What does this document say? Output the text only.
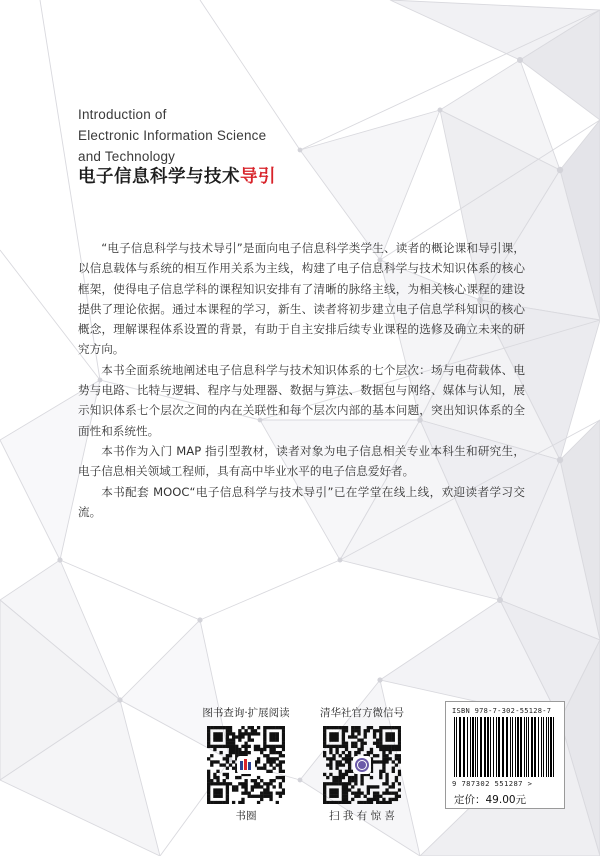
Introduction of
Electronic Information Science
and Technology
电子信息科学与技术导引

“电子信息科学与技术导引”是面向电子信息科学类学生、读者的概论课和导引课，以信息载体与系统的相互作用关系为主线，构建了电子信息科学与技术知识体系的核心框架，使得电子信息学科的课程知识安排有了清晰的脉络主线，为相关核心课程的建设提供了理论依据。通过本课程的学习，新生、读者将初步建立电子信息学科知识的核心概念，理解课程体系设置的背景，有助于自主安排后续专业课程的选修及确立未来的研究方向。

本书全面系统地阐述电子信息科学与技术知识体系的七个层次：场与电荷载体、电势与电路、比特与逻辑、程序与处理器、数据与算法、数据包与网络、媒体与认知，展示知识体系七个层次之间的内在关联性和每个层次内部的基本问题，突出知识体系的全面性和系统性。

本书作为入门 MAP 指引型教材，读者对象为电子信息相关专业本科生和研究生，电子信息相关领域工程师，具有高中毕业水平的电子信息爱好者。

本书配套 MOOC“电子信息科学与技术导引”已在学堂在线上线，欢迎读者学习交流。

图书查询·扩展阅读
书圈
清华社官方微信号
扫 我 有 惊 喜
ISBN 978-7-302-55128-7
9 787302 551287 >
定价：49.00元
